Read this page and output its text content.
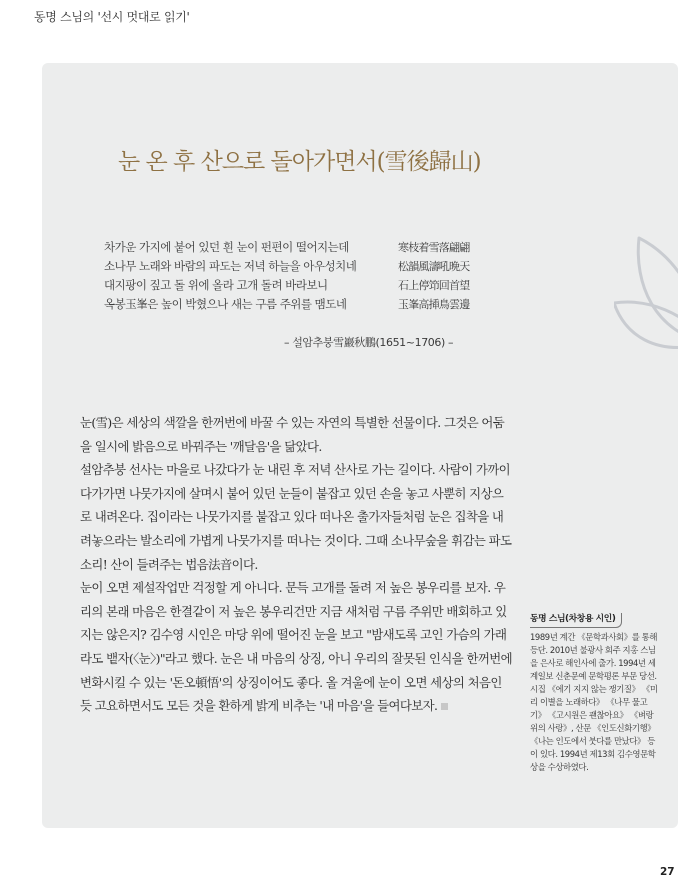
동명 스님의 '선시 멋대로 읽기'
눈 온 후 산으로 돌아가면서(雪後歸山)
차가운 가지에 붙어 있던 흰 눈이 펀편이 떨어지는데	寒枝着雪落翩翩
소나무 노래와 바람의 파도는 저녁 하늘을 아우성치네	松韻風濤吼晩天
대지팡이 짚고 돌 위에 올라 고개 돌려 바라보니	石上停笻回首望
옥봉玉峯은 높이 박혔으나 새는 구름 주위를 맴도네	玉峯高揷鳥雲邊
– 설암추붕雪巖秋鵬(1651~1706) –

눈(雪)은 세상의 색깔을 한꺼번에 바꿀 수 있는 자연의 특별한 선물이다. 그것은 어둠을 일시에 밝음으로 바꿔주는 '깨달음'을 닮았다.

설암추붕 선사는 마을로 나갔다가 눈 내린 후 저녁 산사로 가는 길이다. 사람이 가까이 다가가면 나뭇가지에 살며시 붙어 있던 눈들이 붙잡고 있던 손을 놓고 사뿐히 지상으로 내려온다. 집이라는 나뭇가지를 붙잡고 있다 떠나온 출가자들처럼 눈은 집착을 내려놓으라는 발소리에 가볍게 나뭇가지를 떠나는 것이다. 그때 소나무숲을 휘감는 파도소리! 산이 들려주는 법음法音이다.

눈이 오면 제설작업만 걱정할 게 아니다. 문득 고개를 돌려 저 높은 봉우리를 보자. 우리의 본래 마음은 한결같이 저 높은 봉우리건만 지금 새처럼 구름 주위만 배회하고 있지는 않은지? 김수영 시인은 마당 위에 떨어진 눈을 보고 "밤새도록 고인 가슴의 가래라도 뱉자(〈눈〉)"라고 했다. 눈은 내 마음의 상징, 아니 우리의 잘못된 인식을 한꺼번에 변화시킬 수 있는 '돈오頓悟'의 상징이어도 좋다. 올 겨울에 눈이 오면 세상의 처음인 듯 고요하면서도 모든 것을 환하게 밝게 비추는 '내 마음'을 들여다보자.

동명 스님(차창용 시인)
1989년 계간 《문학과사회》를 통해 등단. 2010년 불광사 회주 지홍 스님을 은사로 해인사에 출가. 1994년 세계일보 신춘문예 문학평론 부문 당선. 시집 《에기 지지 않는 쟁기질》 《미리 이별을 노래하다》 《나무 물고기》 《고시원은 괜찮아요》 《벼랑 위의 사랑》, 산문 《인도신화기행》 《나는 인도에서 붓다를 만났다》 등이 있다. 1994년 제13회 김수영문학상을 수상하였다.
27
